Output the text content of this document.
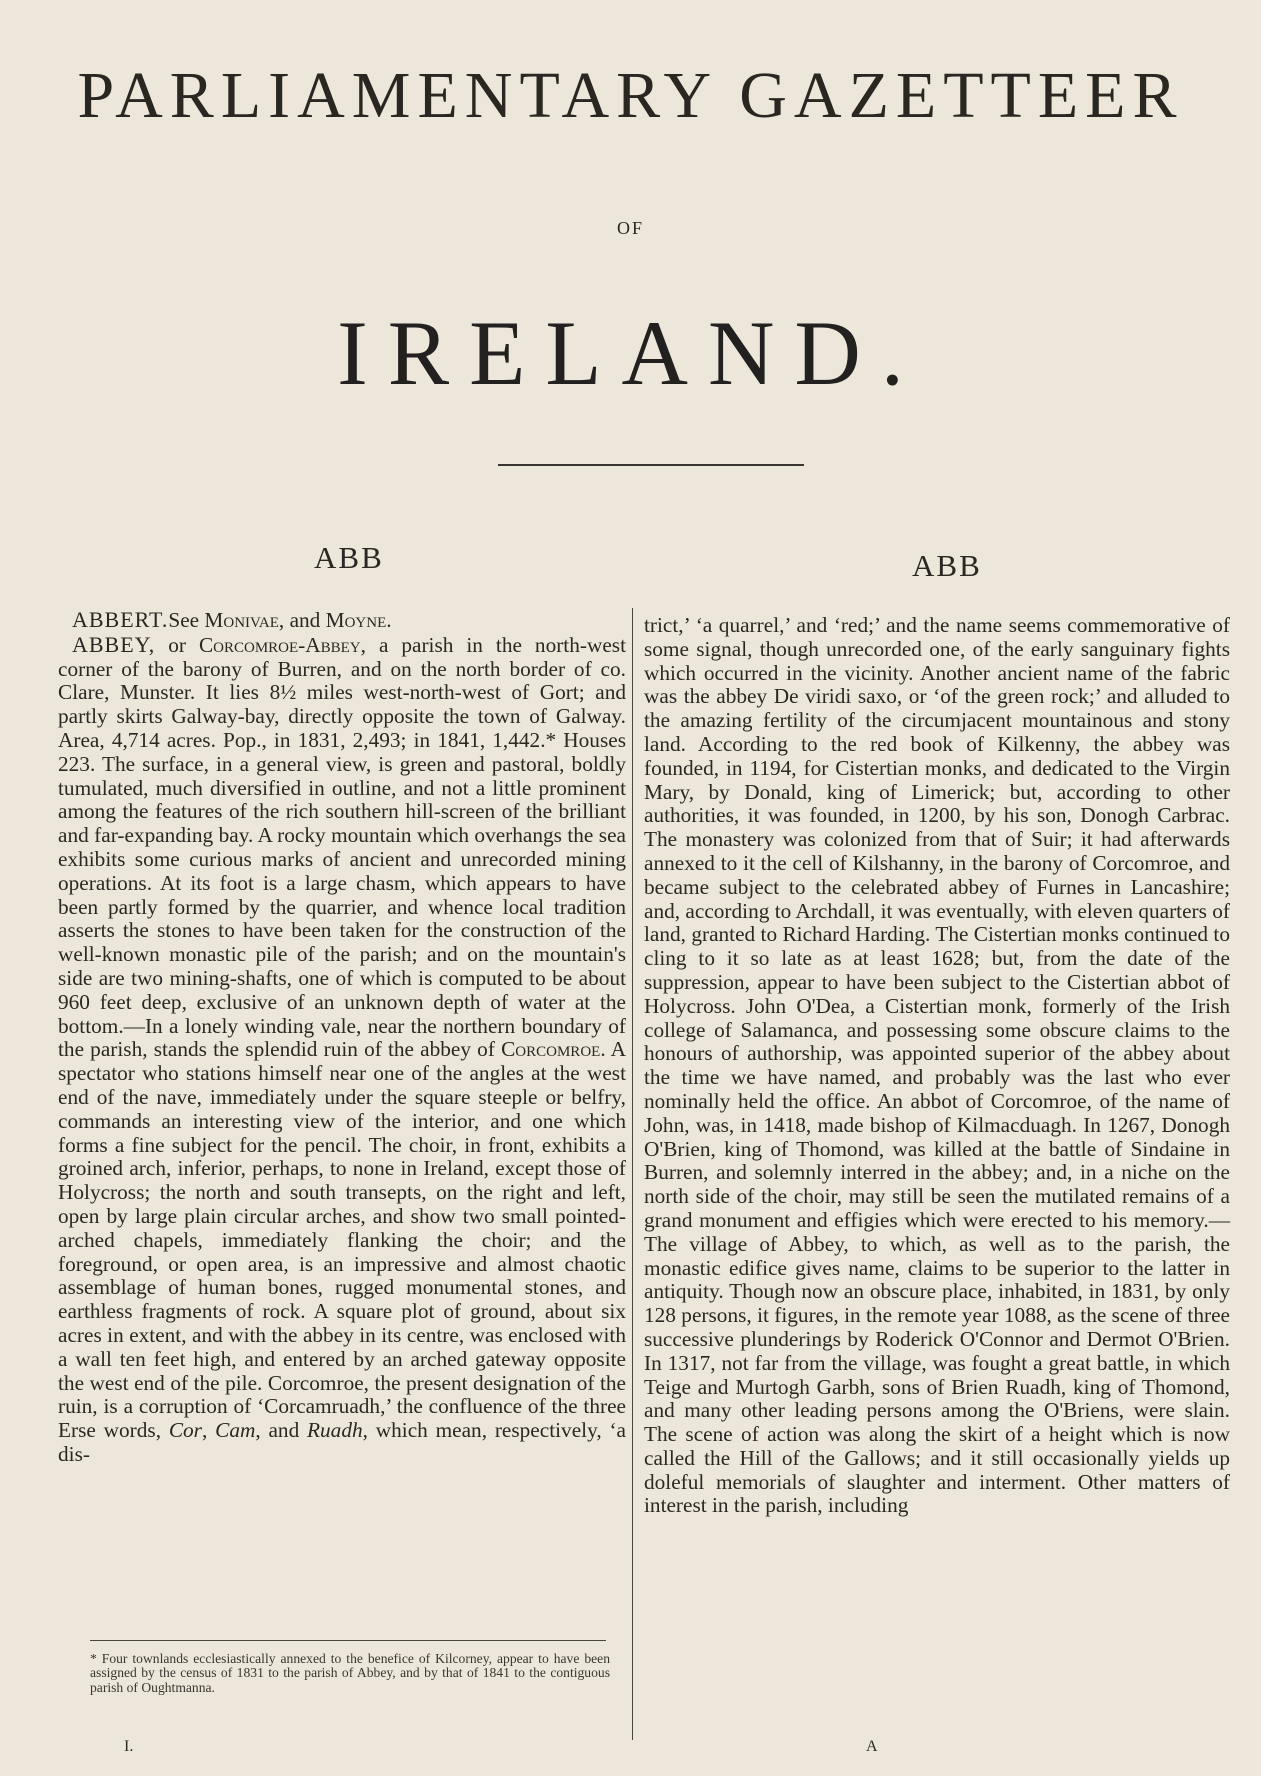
PARLIAMENTARY GAZETTEER
OF
IRELAND.
ABB	ABB

ABBERT.See Monivae, and Moyne.

ABBEY, or Corcomroe-Abbey, a parish in the north-west corner of the barony of Burren, and on the north border of co. Clare, Munster. It lies 8½ miles west-north-west of Gort; and partly skirts Galway-bay, directly opposite the town of Galway. Area, 4,714 acres. Pop., in 1831, 2,493; in 1841, 1,442.* Houses 223. The surface, in a general view, is green and pastoral, boldly tumulated, much diversified in outline, and not a little prominent among the features of the rich southern hill-screen of the brilliant and far-expanding bay. A rocky mountain which overhangs the sea exhibits some curious marks of ancient and unrecorded mining operations. At its foot is a large chasm, which appears to have been partly formed by the quarrier, and whence local tradition asserts the stones to have been taken for the construction of the well-known monastic pile of the parish; and on the mountain's side are two mining-shafts, one of which is computed to be about 960 feet deep, exclusive of an unknown depth of water at the bottom.—In a lonely winding vale, near the northern boundary of the parish, stands the splendid ruin of the abbey of Corcomroe. A spectator who stations himself near one of the angles at the west end of the nave, immediately under the square steeple or belfry, commands an interesting view of the interior, and one which forms a fine subject for the pencil. The choir, in front, exhibits a groined arch, inferior, perhaps, to none in Ireland, except those of Holycross; the north and south transepts, on the right and left, open by large plain circular arches, and show two small pointed-arched chapels, immediately flanking the choir; and the foreground, or open area, is an impressive and almost chaotic assemblage of human bones, rugged monumental stones, and earthless fragments of rock. A square plot of ground, about six acres in extent, and with the abbey in its centre, was enclosed with a wall ten feet high, and entered by an arched gateway opposite the west end of the pile. Corcomroe, the present designation of the ruin, is a corruption of ‘Corcamruadh,’ the confluence of the three Erse words, Cor, Cam, and Ruadh, which mean, respectively, ‘a dis-

trict,’ ‘a quarrel,’ and ‘red;’ and the name seems commemorative of some signal, though unrecorded one, of the early sanguinary fights which occurred in the vicinity. Another ancient name of the fabric was the abbey De viridi saxo, or ‘of the green rock;’ and alluded to the amazing fertility of the circumjacent mountainous and stony land. According to the red book of Kilkenny, the abbey was founded, in 1194, for Cistertian monks, and dedicated to the Virgin Mary, by Donald, king of Limerick; but, according to other authorities, it was founded, in 1200, by his son, Donogh Carbrac. The monastery was colonized from that of Suir; it had afterwards annexed to it the cell of Kilshanny, in the barony of Corcomroe, and became subject to the celebrated abbey of Furnes in Lancashire; and, according to Archdall, it was eventually, with eleven quarters of land, granted to Richard Harding. The Cistertian monks continued to cling to it so late as at least 1628; but, from the date of the suppression, appear to have been subject to the Cistertian abbot of Holycross. John O'Dea, a Cistertian monk, formerly of the Irish college of Salamanca, and possessing some obscure claims to the honours of authorship, was appointed superior of the abbey about the time we have named, and probably was the last who ever nominally held the office. An abbot of Corcomroe, of the name of John, was, in 1418, made bishop of Kilmacduagh. In 1267, Donogh O'Brien, king of Thomond, was killed at the battle of Sindaine in Burren, and solemnly interred in the abbey; and, in a niche on the north side of the choir, may still be seen the mutilated remains of a grand monument and effigies which were erected to his memory.—The village of Abbey, to which, as well as to the parish, the monastic edifice gives name, claims to be superior to the latter in antiquity. Though now an obscure place, inhabited, in 1831, by only 128 persons, it figures, in the remote year 1088, as the scene of three successive plunderings by Roderick O'Connor and Dermot O'Brien. In 1317, not far from the village, was fought a great battle, in which Teige and Murtogh Garbh, sons of Brien Ruadh, king of Thomond, and many other leading persons among the O'Briens, were slain. The scene of action was along the skirt of a height which is now called the Hill of the Gallows; and it still occasionally yields up doleful memorials of slaughter and interment. Other matters of interest in the parish, including

* Four townlands ecclesiastically annexed to the benefice of Kilcorney, appear to have been assigned by the census of 1831 to the parish of Abbey, and by that of 1841 to the contiguous parish of Oughtmanna.
I.	A
